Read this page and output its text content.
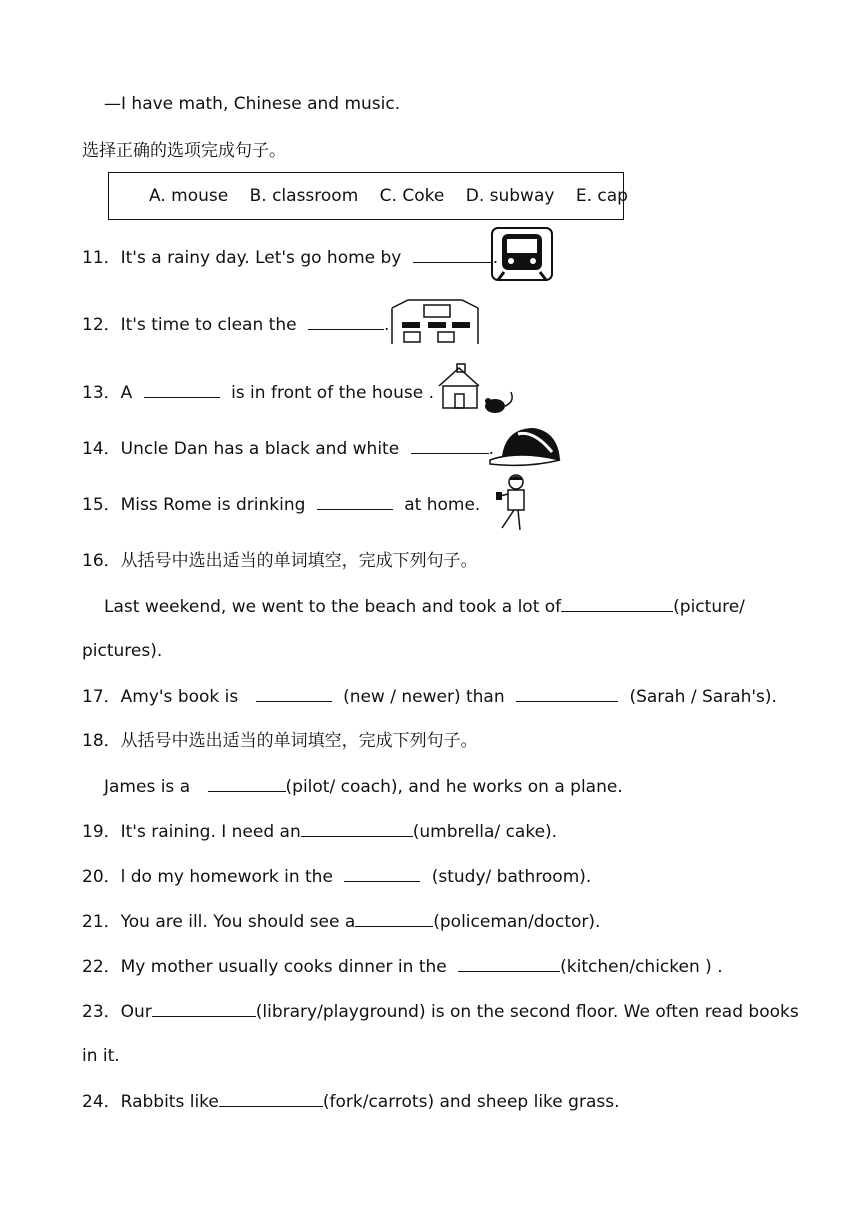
—I have math, Chinese and music.
选择正确的选项完成句子。
A. mouse B. classroom C. Coke D. subway E. cap
11．It's a rainy day. Let's go home by	.
12．It's time to clean the	.
13．A	is in front of the house .
14．Uncle Dan has a black and white	.
15．Miss Rome is drinking	at home.
16．从括号中选出适当的单词填空，完成下列句子。
Last weekend, we went to the beach and took a lot of	(picture/
pictures).
17．Amy's book is	(new / newer) than	(Sarah / Sarah's).
18．从括号中选出适当的单词填空，完成下列句子。
James is a	(pilot/ coach), and he works on a plane.
19．It's raining. I need an	(umbrella/ cake).
20．l do my homework in the	(study/ bathroom).
21．You are ill. You should see a	(policeman/doctor).
22．My mother usually cooks dinner in the	(kitchen/chicken ) .
23．Our	(library/playground) is on the second floor. We often read books
in it.
24．Rabbits like	(fork/carrots) and sheep like grass.
